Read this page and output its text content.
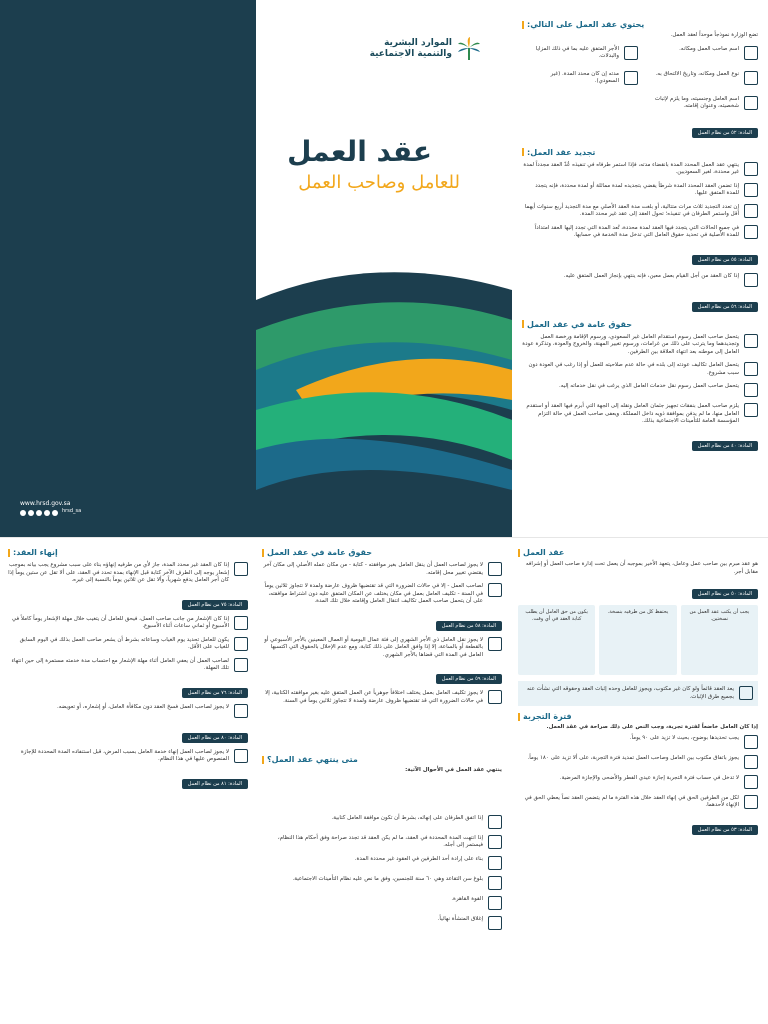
www.hrsd.gov.sa
hrsd_sa
الموارد البشرية
والتنمية الاجتماعية
عقد العمل
للعامل وصاحب العمل
يحتوي عقد العمل على التالي:
تضع الوزارة نموذجاً موحداً لعقد العمل.
اسم صاحب العمل ومكانه.
الأجر المتفق عليه بما في ذلك المزايا والبدلات.
نوع العمل ومكانه، وتاريخ الالتحاق به.
مدته إن كان محدد المدة. (غير السعودي).
اسم العامل وجنسيته، وما يلزم لإثبات شخصيته، وعنوان إقامته.
المادة: ٥٢ من نظام العمل
تجديد عقد العمل:
ينتهي عقد العمل المحدد المدة بانقضاء مدته، فإذا استمر طرفاه في تنفيذه عُدّ العقد مجدداً لمدة غير محددة، لغير السعوديين.
إذا تضمن العقد المحدد المدة شرطاً يقضي بتجديده لمدة مماثلة أو لمدة محددة، فإنه يتجدد للمدة المتفق عليها.
إن تعدد التجديد ثلاث مرات متتالية، أو بلغت مدة العقد الأصلي مع مدة التجديد أربع سنوات أيهما أقل واستمر الطرفان في تنفيذه؛ تحول العقد إلى عقد غير محدد المدة.
في جميع الحالات التي يتجدد فيها العقد لمدة محددة، تُعد المدة التي تجدد إليها العقد امتداداً للمدة الأصلية في تحديد حقوق العامل التي تدخل مدة الخدمة في حسابها.
المادة: ٥٥ من نظام العمل
إذا كان العقد من أجل القيام بعمل معين، فإنه ينتهي بإنجاز العمل المتفق عليه.
المادة: ٥٦ من نظام العمل
حقوق عامة في عقد العمل
يتحمل صاحب العمل رسوم استقدام العامل غير السعودي، ورسوم الإقامة ورخصة العمل وتجديدهما وما يترتب على ذلك من غرامات، ورسوم تغيير المهنة، والخروج والعودة، وتذكرة عودة العامل إلى موطنه بعد انتهاء العلاقة بين الطرفين.
يتحمل العامل تكاليف عودته إلى بلده في حالة عدم صلاحيته للعمل أو إذا رغب في العودة دون سبب مشروع.
يتحمل صاحب العمل رسوم نقل خدمات العامل الذي يرغب في نقل خدماته إليه.
يلزم صاحب العمل بنفقات تجهيز جثمان العامل ونقله إلى الجهة التي أبرم فيها العقد أو استقدم العامل منها، ما لم يدفن بموافقة ذويه داخل المملكة. ويعفى صاحب العمل في حالة التزام المؤسسة العامة للتأمينات الاجتماعية بذلك.
المادة: ٤٠ من نظام العمل
عقد العمل
هو عقد مبرم بين صاحب عمل وعامل، يتعهد الأخير بموجبه أن يعمل تحت إدارة صاحب العمل أو إشرافه مقابل أجر.
المادة: ٥٠ من نظام العمل
يجب أن يكتب عقد العمل من نسختين.
يحتفظ كل من طرفيه بنسخة.
يكون من حق العامل أن يطلب كتابة العقد في أي وقت.
يعد العقد قائماً ولو كان غير مكتوب، ويجوز للعامل وحده إثبات العقد وحقوقه التي نشأت عنه بجميع طرق الإثبات.
فترة التجربة
إذا كان العامل خاضعاً لفترة تجربة، وجب النص على ذلك صراحة في عقد العمل.
يجب تحديدها بوضوح، بحيث لا تزيد على ٩٠ يوماً.
يجوز باتفاق مكتوب بين العامل وصاحب العمل تمديد فترة التجربة، على ألا تزيد على ١٨٠ يوماً.
لا تدخل في حساب فترة التجربة إجازة عيدي الفطر والأضحى والإجازة المرضية.
لكل من الطرفين الحق في إنهاء العقد خلال هذه الفترة ما لم يتضمن العقد نصاً يعطي الحق في الإنهاء لأحدهما.
المادة: ٥٣ من نظام العمل
حقوق عامة في عقد العمل
لا يجوز لصاحب العمل أن ينقل العامل بغير موافقته - كتابة - من مكان عمله الأصلي إلى مكان آخر يقتضي تغيير محل إقامته.
لصاحب العمل - إلا في حالات الضرورة التي قد تقتضيها ظروف عارضة ولمدة لا تتجاوز ثلاثين يوماً في السنة - تكليف العامل بعمل في مكان يختلف عن المكان المتفق عليه دون اشتراط موافقته، على أن يتحمل صاحب العمل تكاليف انتقال العامل وإقامته خلال تلك المدة.
المادة: ٥٨ من نظام العمل
لا يجوز نقل العامل ذي الأجر الشهري إلى فئة عمال اليومية أو العمال المعينين بالأجر الأسبوعي أو بالقطعة أو بالساعة، إلا إذا وافق العامل على ذلك كتابة، ومع عدم الإخلال بالحقوق التي اكتسبها العامل في المدة التي قضاها بالأجر الشهري.
المادة: ٥٩ من نظام العمل
لا يجوز تكليف العامل بعمل يختلف اختلافاً جوهرياً عن العمل المتفق عليه بغير موافقته الكتابية، إلا في حالات الضرورة التي قد تقتضيها ظروف عارضة ولمدة لا تتجاوز ثلاثين يوماً في السنة.
متى ينتهي عقد العمل؟
ينتهي عقد العمل في الأحوال الآتية:
إذا اتفق الطرفان على إنهائه، بشرط أن تكون موافقة العامل كتابية.
إذا انتهت المدة المحددة في العقد، ما لم يكن العقد قد تجدد صراحة وفق أحكام هذا النظام، فيستمر إلى أجله.
بناء على إرادة أحد الطرفين في العقود غير محددة المدة.
بلوغ سن التقاعد وهي ٦٠ سنة للجنسين، وفق ما نص عليه نظام التأمينات الاجتماعية.
القوة القاهرة.
إغلاق المنشأة نهائياً.
إنهاء العقد:
إذا كان العقد غير محدد المدة، جاز لأي من طرفيه إنهاؤه بناء على سبب مشروع يجب بيانه بموجب إشعار يوجه إلى الطرف الآخر كتابة قبل الإنهاء بمدة تحدد في العقد، على ألا تقل عن ستين يوماً إذا كان أجر العامل يدفع شهرياً، وألا تقل عن ثلاثين يوماً بالنسبة إلى غيره.
المادة: ٧٥ من نظام العمل
إذا كان الإشعار من جانب صاحب العمل، فيحق للعامل أن يتغيب خلال مهلة الإشعار يوماً كاملاً في الأسبوع أو ثماني ساعات أثناء الأسبوع.
يكون للعامل تحديد يوم الغياب وساعاته بشرط أن يشعر صاحب العمل بذلك في اليوم السابق للغياب على الأقل.
لصاحب العمل أن يعفي العامل أثناء مهلة الإشعار مع احتساب مدة خدمته مستمرة إلى حين انتهاء تلك المهلة.
المادة: ٧٦ من نظام العمل
لا يجوز لصاحب العمل فسخ العقد دون مكافأة العامل، أو إشعاره، أو تعويضه.
المادة: ٨٠ من نظام العمل
لا يجوز لصاحب العمل إنهاء خدمة العامل بسبب المرض، قبل استنفاده المدة المحددة للإجازة المنصوص عليها في هذا النظام.
المادة: ٨١ من نظام العمل
